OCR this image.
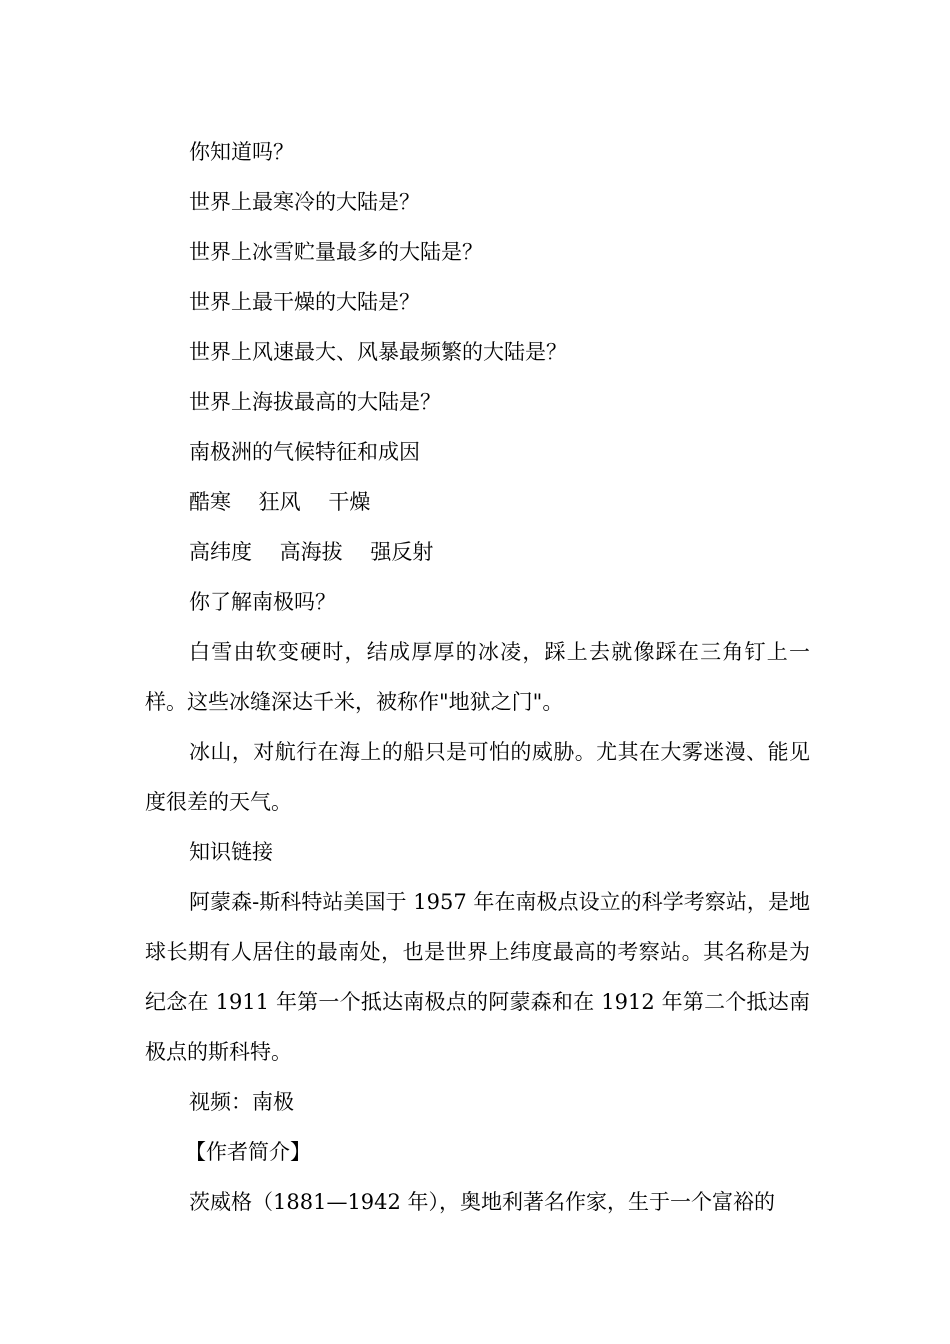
你知道吗？
世界上最寒冷的大陆是？
世界上冰雪贮量最多的大陆是？
世界上最干燥的大陆是？
世界上风速最大、风暴最频繁的大陆是？
世界上海拔最高的大陆是？
南极洲的气候特征和成因
酷寒　 狂风　 干燥
高纬度　 高海拔　 强反射
你了解南极吗？

白雪由软变硬时，结成厚厚的冰凌，踩上去就像踩在三角钉上一样。这些冰缝深达千米，被称作"地狱之门"。

冰山，对航行在海上的船只是可怕的威胁。尤其在大雾迷漫、能见度很差的天气。

知识链接

阿蒙森-斯科特站美国于 1957 年在南极点设立的科学考察站，是地球长期有人居住的最南处，也是世界上纬度最高的考察站。其名称是为纪念在 1911 年第一个抵达南极点的阿蒙森和在 1912 年第二个抵达南极点的斯科特。

视频：南极
【作者简介】

茨威格（1881—1942 年），奥地利著名作家，生于一个富裕的
